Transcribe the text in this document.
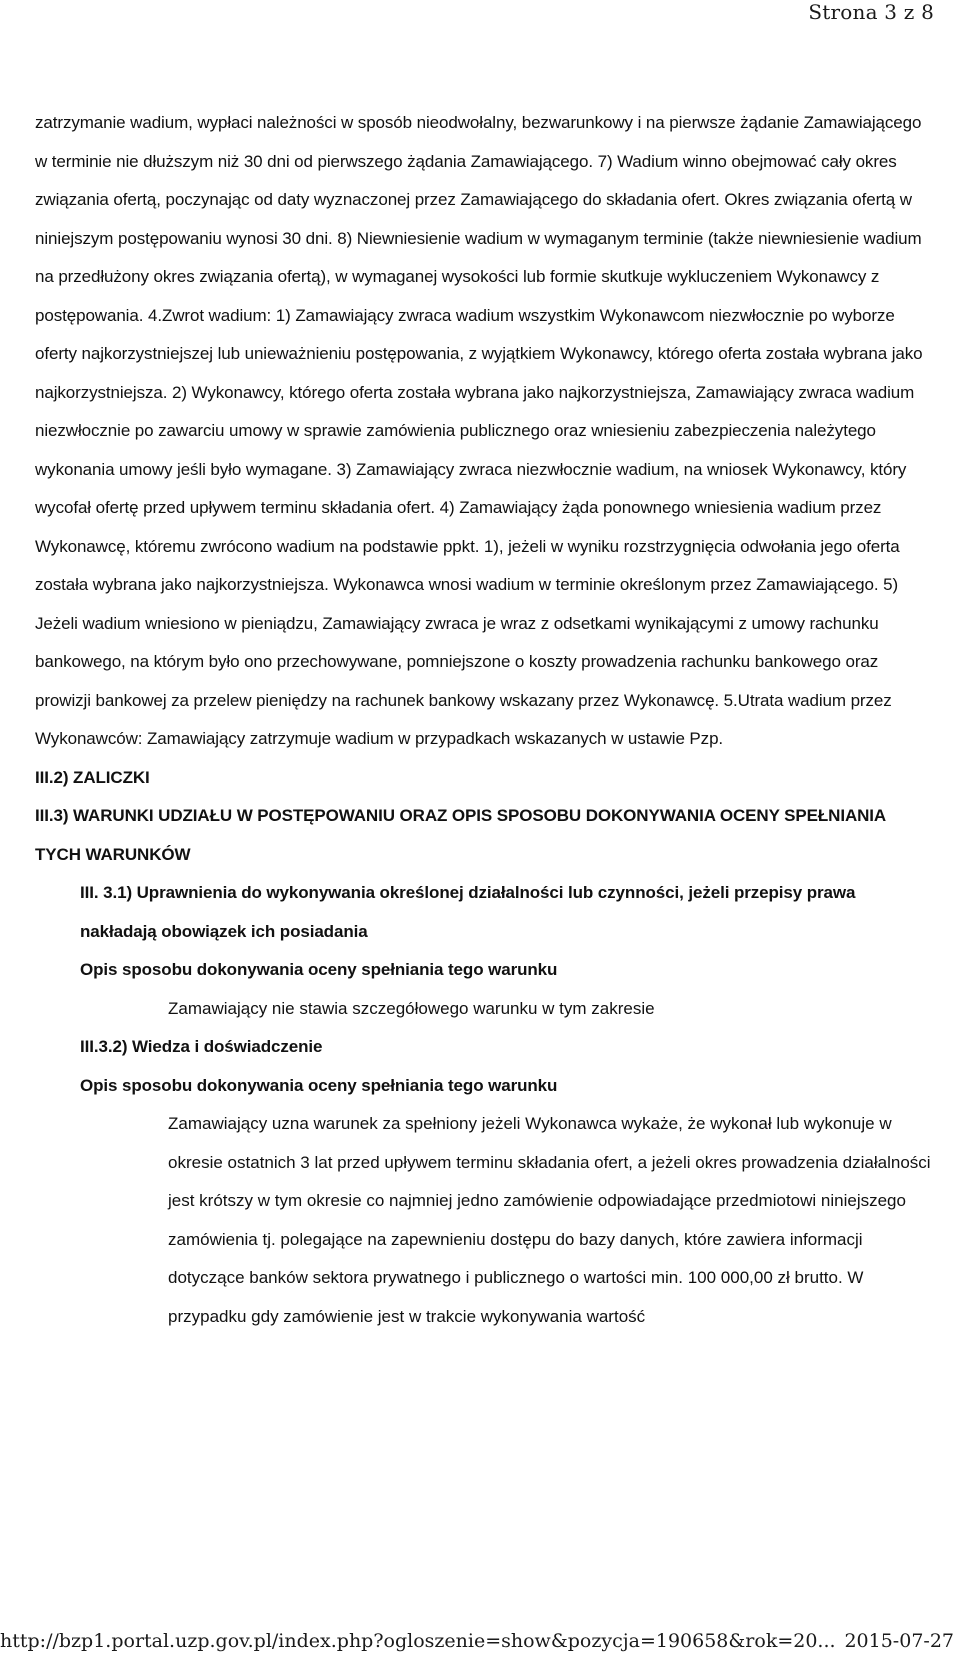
Strona 3 z 8

zatrzymanie wadium, wypłaci należności w sposób nieodwołalny, bezwarunkowy i na pierwsze żądanie Zamawiającego w terminie nie dłuższym niż 30 dni od pierwszego żądania Zamawiającego. 7) Wadium winno obejmować cały okres związania ofertą, poczynając od daty wyznaczonej przez Zamawiającego do składania ofert. Okres związania ofertą w niniejszym postępowaniu wynosi 30 dni. 8) Niewniesienie wadium w wymaganym terminie (także niewniesienie wadium na przedłużony okres związania ofertą), w wymaganej wysokości lub formie skutkuje wykluczeniem Wykonawcy z postępowania. 4.Zwrot wadium: 1) Zamawiający zwraca wadium wszystkim Wykonawcom niezwłocznie po wyborze oferty najkorzystniejszej lub unieważnieniu postępowania, z wyjątkiem Wykonawcy, którego oferta została wybrana jako najkorzystniejsza. 2) Wykonawcy, którego oferta została wybrana jako najkorzystniejsza, Zamawiający zwraca wadium niezwłocznie po zawarciu umowy w sprawie zamówienia publicznego oraz wniesieniu zabezpieczenia należytego wykonania umowy jeśli było wymagane. 3) Zamawiający zwraca niezwłocznie wadium, na wniosek Wykonawcy, który wycofał ofertę przed upływem terminu składania ofert. 4) Zamawiający żąda ponownego wniesienia wadium przez Wykonawcę, któremu zwrócono wadium na podstawie ppkt. 1), jeżeli w wyniku rozstrzygnięcia odwołania jego oferta została wybrana jako najkorzystniejsza. Wykonawca wnosi wadium w terminie określonym przez Zamawiającego. 5) Jeżeli wadium wniesiono w pieniądzu, Zamawiający zwraca je wraz z odsetkami wynikającymi z umowy rachunku bankowego, na którym było ono przechowywane, pomniejszone o koszty prowadzenia rachunku bankowego oraz prowizji bankowej za przelew pieniędzy na rachunek bankowy wskazany przez Wykonawcę. 5.Utrata wadium przez Wykonawców: Zamawiający zatrzymuje wadium w przypadkach wskazanych w ustawie Pzp.

III.2) ZALICZKI

III.3) WARUNKI UDZIAŁU W POSTĘPOWANIU ORAZ OPIS SPOSOBU DOKONYWANIA OCENY SPEŁNIANIA TYCH WARUNKÓW

III. 3.1) Uprawnienia do wykonywania określonej działalności lub czynności, jeżeli przepisy prawa nakładają obowiązek ich posiadania

Opis sposobu dokonywania oceny spełniania tego warunku

Zamawiający nie stawia szczegółowego warunku w tym zakresie

III.3.2) Wiedza i doświadczenie

Opis sposobu dokonywania oceny spełniania tego warunku

Zamawiający uzna warunek za spełniony jeżeli Wykonawca wykaże, że wykonał lub wykonuje w okresie ostatnich 3 lat przed upływem terminu składania ofert, a jeżeli okres prowadzenia działalności jest krótszy w tym okresie co najmniej jedno zamówienie odpowiadające przedmiotowi niniejszego zamówienia tj. polegające na zapewnieniu dostępu do bazy danych, które zawiera informacji dotyczące banków sektora prywatnego i publicznego o wartości min. 100 000,00 zł brutto. W przypadku gdy zamówienie jest w trakcie wykonywania wartość

http://bzp1.portal.uzp.gov.pl/index.php?ogloszenie=show&pozycja=190658&rok=20... 2015-07-27
